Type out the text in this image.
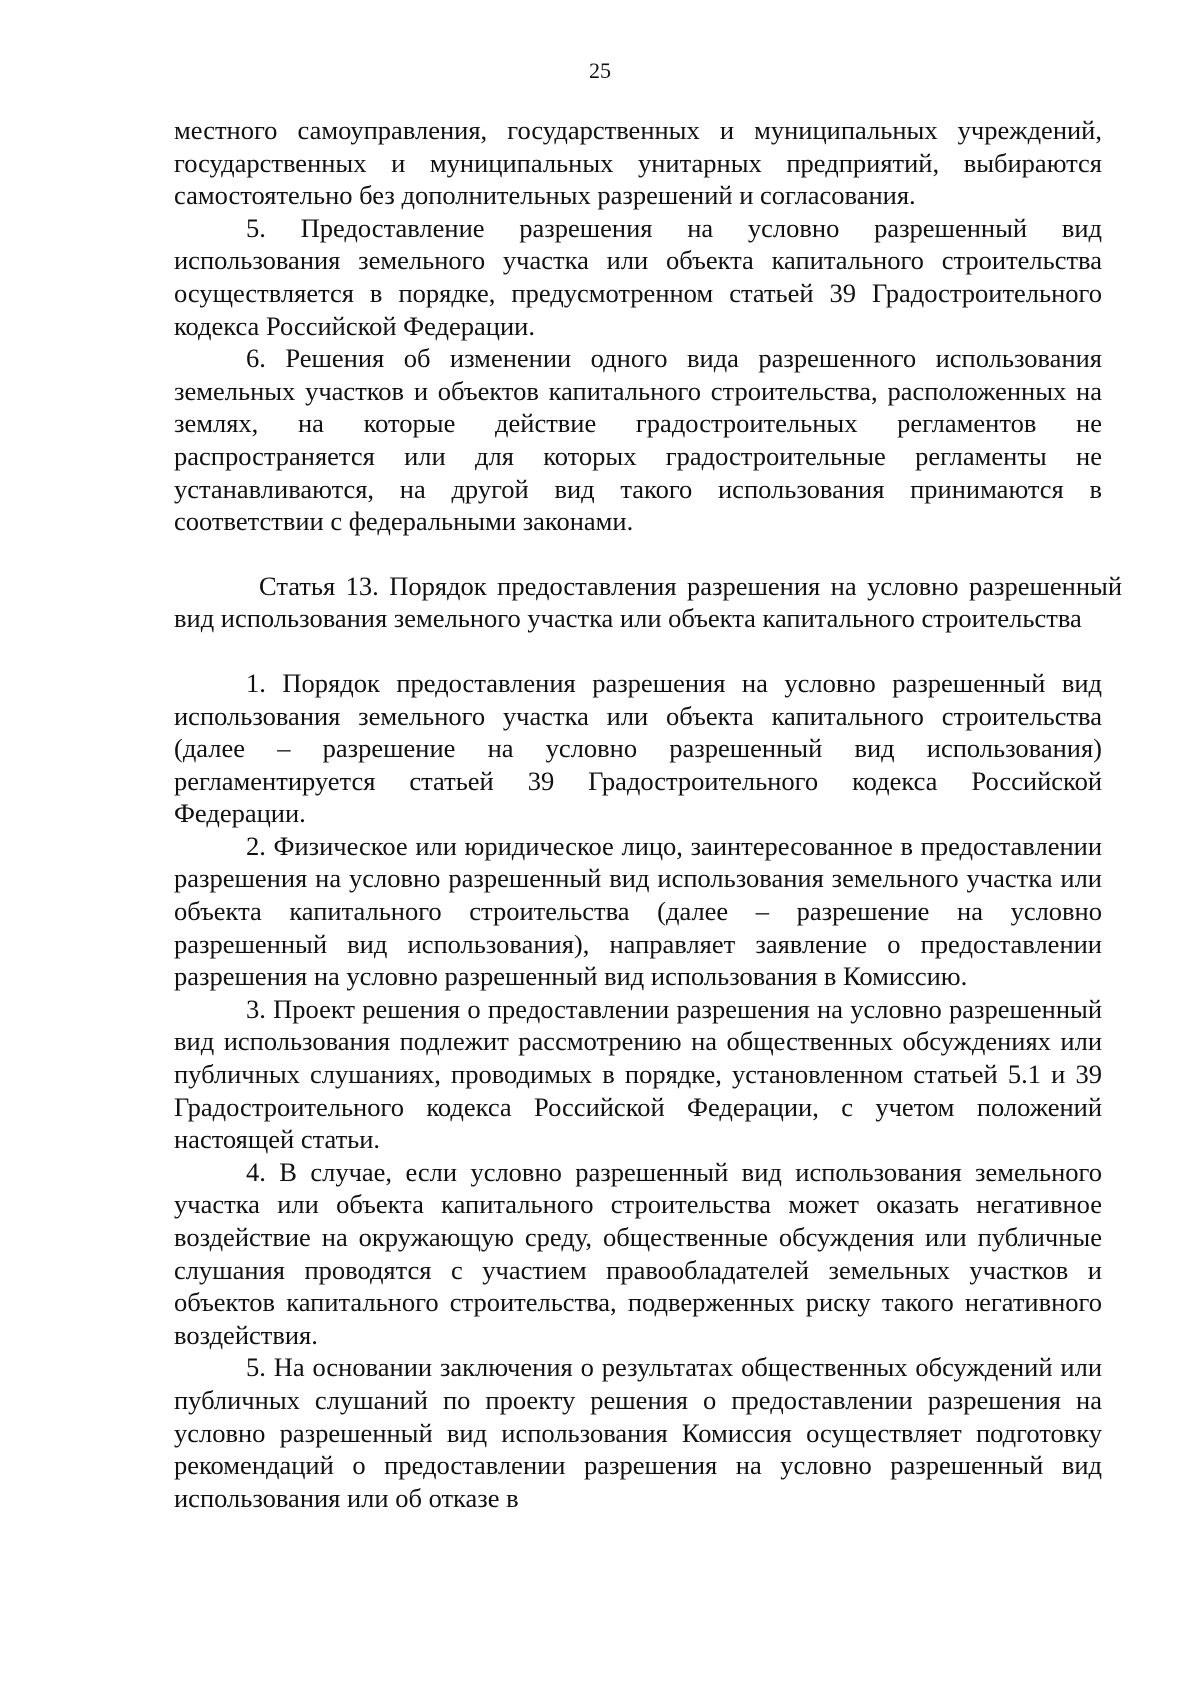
25

местного самоуправления, государственных и муниципальных учреждений, государственных и муниципальных унитарных предприятий, выбираются самостоятельно без дополнительных разрешений и согласования.

5. Предоставление разрешения на условно разрешенный вид использования земельного участка или объекта капитального строительства осуществляется в порядке, предусмотренном статьей 39 Градостроительного кодекса Российской Федерации.

6. Решения об изменении одного вида разрешенного использования земельных участков и объектов капитального строительства, расположенных на землях, на которые действие градостроительных регламентов не распространяется или для которых градостроительные регламенты не устанавливаются, на другой вид такого использования принимаются в соответствии с федеральными законами.

Статья 13. Порядок предоставления разрешения на условно разрешенный вид использования земельного участка или объекта капитального строительства

1. Порядок предоставления разрешения на условно разрешенный вид использования земельного участка или объекта капитального строительства (далее – разрешение на условно разрешенный вид использования) регламентируется статьей 39 Градостроительного кодекса Российской Федерации.

2. Физическое или юридическое лицо, заинтересованное в предоставлении разрешения на условно разрешенный вид использования земельного участка или объекта капитального строительства (далее – разрешение на условно разрешенный вид использования), направляет заявление о предоставлении разрешения на условно разрешенный вид использования в Комиссию.

3. Проект решения о предоставлении разрешения на условно разрешенный вид использования подлежит рассмотрению на общественных обсуждениях или публичных слушаниях, проводимых в порядке, установленном статьей 5.1 и 39 Градостроительного кодекса Российской Федерации, с учетом положений настоящей статьи.

4. В случае, если условно разрешенный вид использования земельного участка или объекта капитального строительства может оказать негативное воздействие на окружающую среду, общественные обсуждения или публичные слушания проводятся с участием правообладателей земельных участков и объектов капитального строительства, подверженных риску такого негативного воздействия.

5. На основании заключения о результатах общественных обсуждений или публичных слушаний по проекту решения о предоставлении разрешения на условно разрешенный вид использования Комиссия осуществляет подготовку рекомендаций о предоставлении разрешения на условно разрешенный вид использования или об отказе в
